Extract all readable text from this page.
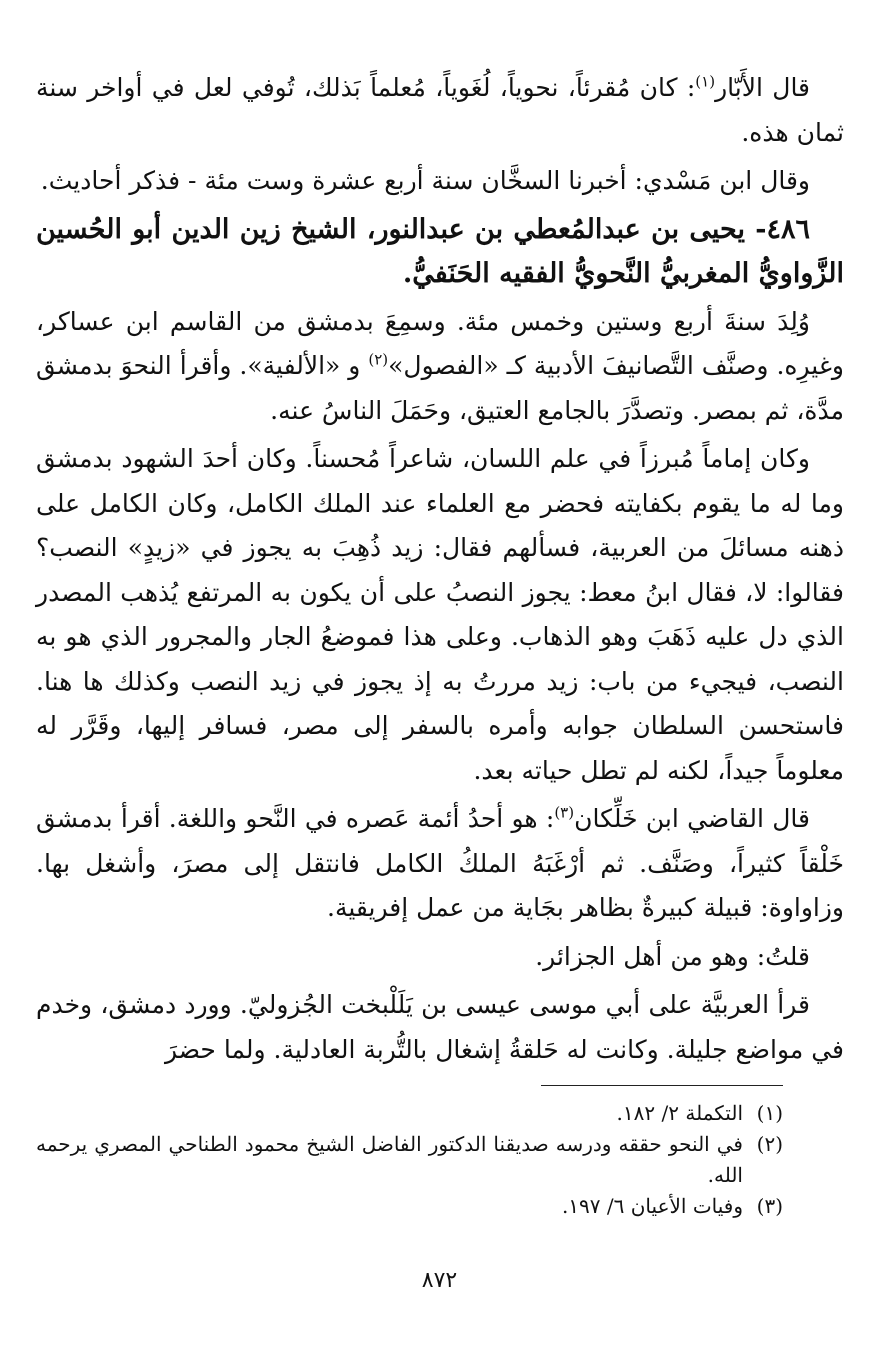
قال الأَبّار$^{(١)}$: كان مُقرئاً، نحوياً، لُغَوياً، مُعلماً بَذلك، تُوفي لعل في أواخر سنة ثمان هذه.

وقال ابن مَسْدي: أخبرنا السخَّان سنة أربع عشرة وست مئة - فذكر أحاديث.

٤٨٦- يحيى بن عبدالمُعطي بن عبدالنور، الشيخ زين الدين أبو الحُسين الزَّواويُّ المغربيُّ النَّحويُّ الفقيه الحَنَفيُّ.

وُلِدَ سنةَ أربع وستين وخمس مئة. وسمِعَ بدمشق من القاسم ابن عساكر، وغيرِه. وصنَّف التَّصانيفَ الأدبية كـ «الفصول»$^{(٢)}$ و «الألفية». وأقرأ النحوَ بدمشق مدَّة، ثم بمصر. وتصدَّرَ بالجامع العتيق، وحَمَلَ الناسُ عنه.

وكان إماماً مُبرزاً في علم اللسان، شاعراً مُحسناً. وكان أحدَ الشهود بدمشق وما له ما يقوم بكفايته فحضر مع العلماء عند الملك الكامل، وكان الكامل على ذهنه مسائلَ من العربية، فسألهم فقال: زيد ذُهِبَ به يجوز في «زيدٍ» النصب؟ فقالوا: لا، فقال ابنُ معط: يجوز النصبُ على أن يكون به المرتفع يُذهب المصدر الذي دل عليه ذَهَبَ وهو الذهاب. وعلى هذا فموضعُ الجار والمجرور الذي هو به النصب، فيجيء من باب: زيد مررتُ به إذ يجوز في زيد النصب وكذلك ها هنا. فاستحسن السلطان جوابه وأمره بالسفر إلى مصر، فسافر إليها، وقَرَّر له معلوماً جيداً، لكنه لم تطل حياته بعد.

قال القاضي ابن خَلِّكان$^{(٣)}$: هو أحدُ أئمة عَصره في النَّحو واللغة. أقرأ بدمشق خَلْقاً كثيراً، وصَنَّف. ثم أرْغَبَهُ الملكُ الكامل فانتقل إلى مصرَ، وأشغل بها. وزاواوة: قبيلة كبيرةٌ بظاهر بجَاية من عمل إفريقية.

قلتُ: وهو من أهل الجزائر.

قرأ العربيَّة على أبي موسى عيسى بن يَلَلْبخت الجُزوليّ. وورد دمشق، وخدم في مواضع جليلة. وكانت له حَلقةُ إشغال بالتُّربة العادلية. ولما حضرَ

(١)
التكملة ٢/ ١٨٢.
(٢)
في النحو حققه ودرسه صديقنا الدكتور الفاضل الشيخ محمود الطناحي المصري يرحمه الله.
(٣)
وفيات الأعيان ٦/ ١٩٧.
٨٧٢
